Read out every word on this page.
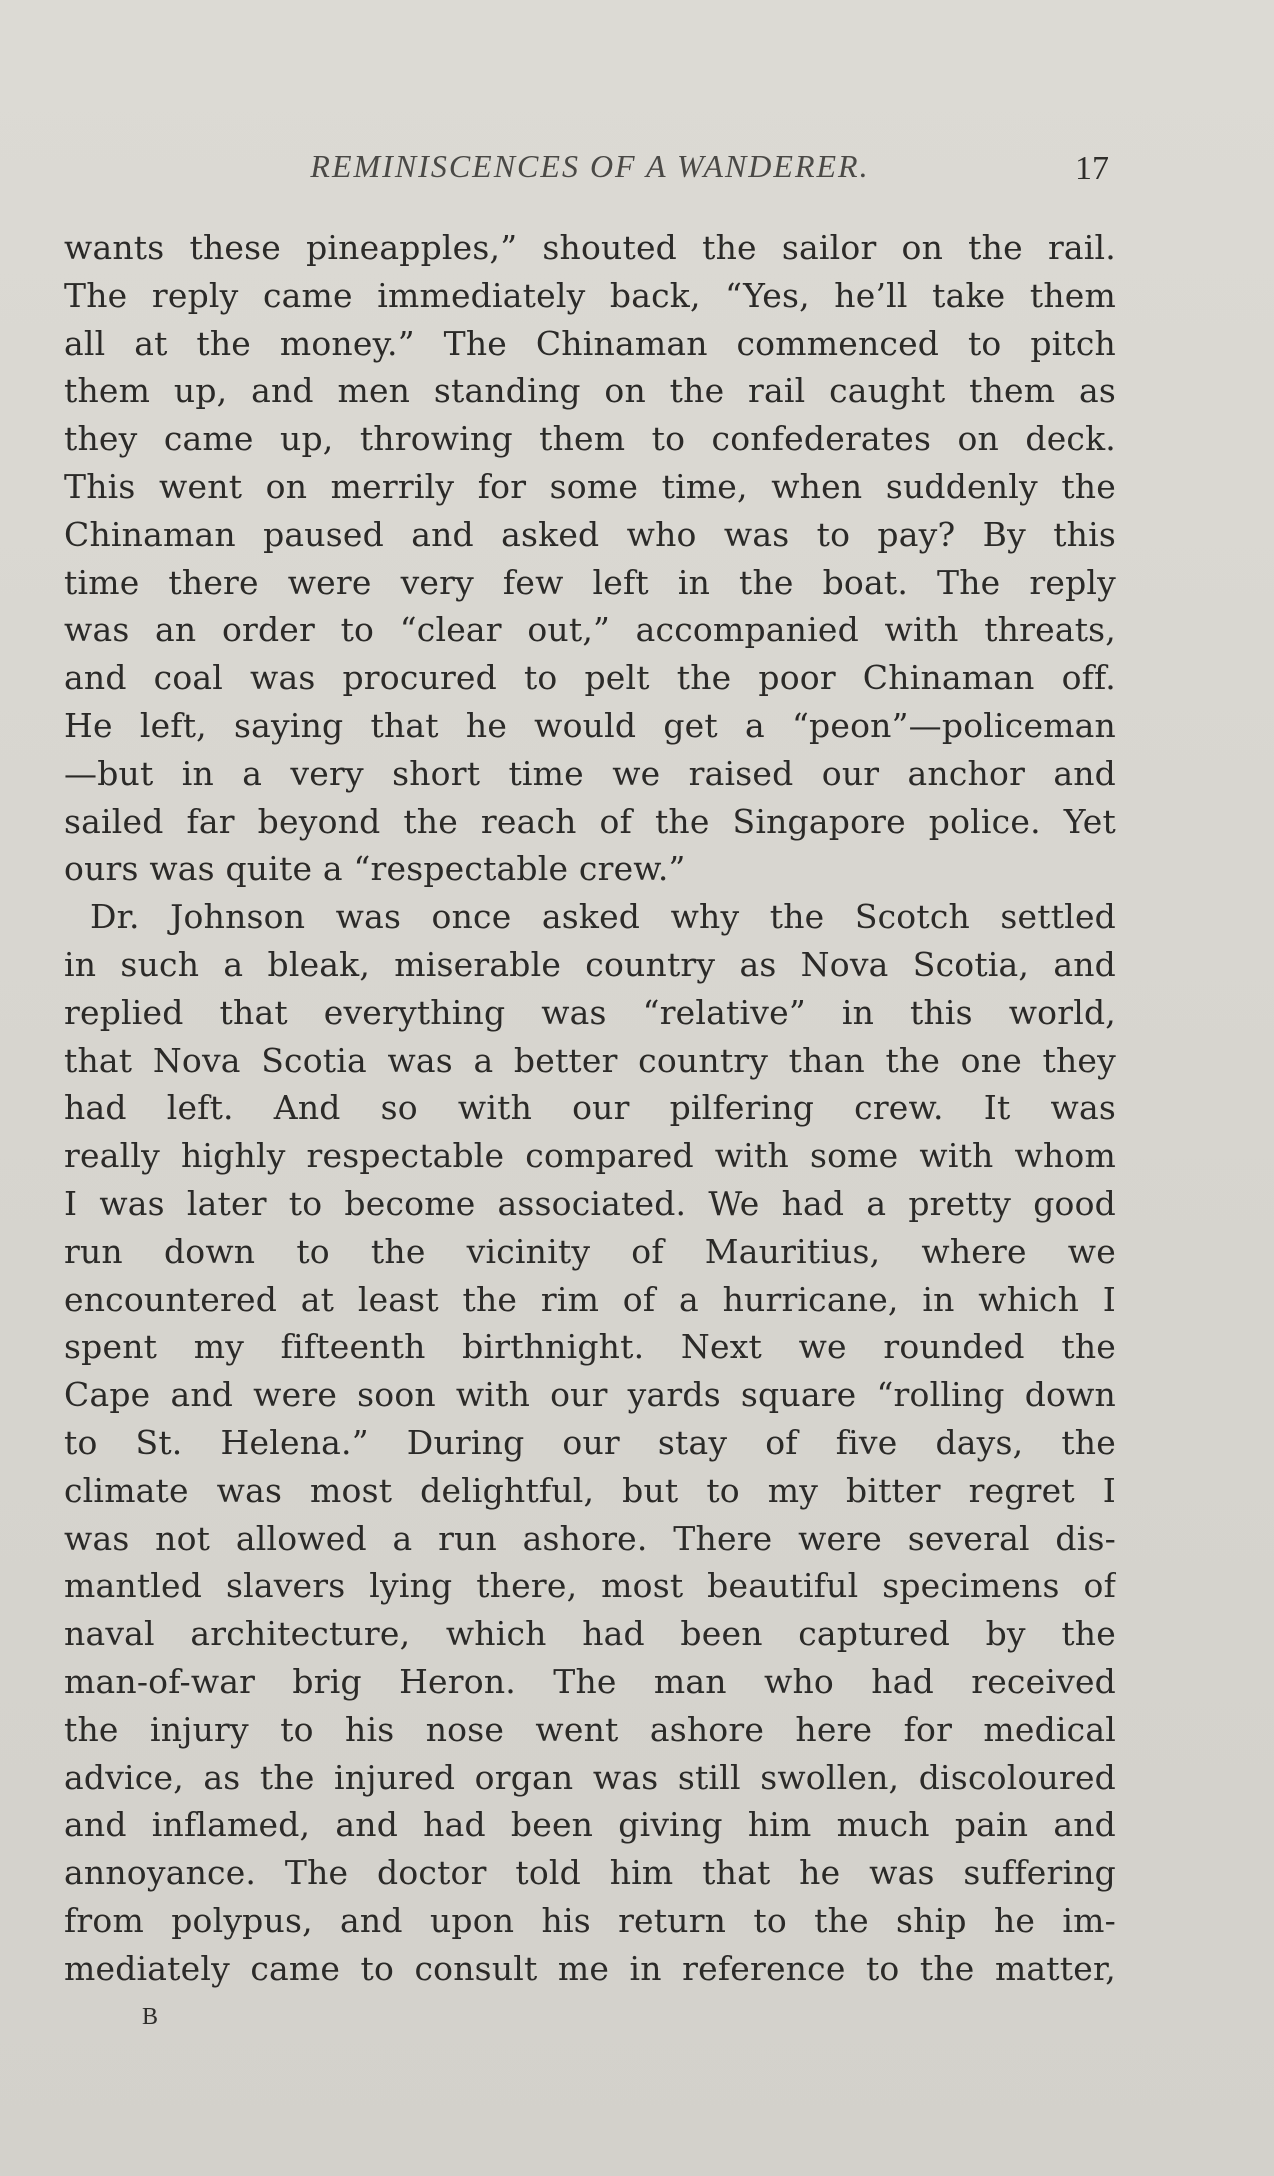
REMINISCENCES OF A WANDERER.	17
wants these pineapples,” shouted the sailor on the rail.
The reply came immediately back, “Yes, he’ll take them
all at the money.” The Chinaman commenced to pitch
them up, and men standing on the rail caught them as
they came up, throwing them to confederates on deck.
This went on merrily for some time, when suddenly the
Chinaman paused and asked who was to pay? By this
time there were very few left in the boat. The reply
was an order to “clear out,” accompanied with threats,
and coal was procured to pelt the poor Chinaman off.
He left, saying that he would get a “peon”—policeman
—but in a very short time we raised our anchor and
sailed far beyond the reach of the Singapore police. Yet
ours was quite a “respectable crew.”
Dr. Johnson was once asked why the Scotch settled
in such a bleak, miserable country as Nova Scotia, and
replied that everything was “relative” in this world,
that Nova Scotia was a better country than the one they
had left. And so with our pilfering crew. It was
really highly respectable compared with some with whom
I was later to become associated. We had a pretty good
run down to the vicinity of Mauritius, where we
encountered at least the rim of a hurricane, in which I
spent my fifteenth birthnight. Next we rounded the
Cape and were soon with our yards square “rolling down
to St. Helena.” During our stay of five days, the
climate was most delightful, but to my bitter regret I
was not allowed a run ashore. There were several dis-
mantled slavers lying there, most beautiful specimens of
naval architecture, which had been captured by the
man-of-war brig Heron. The man who had received
the injury to his nose went ashore here for medical
advice, as the injured organ was still swollen, discoloured
and inflamed, and had been giving him much pain and
annoyance. The doctor told him that he was suffering
from polypus, and upon his return to the ship he im-
mediately came to consult me in reference to the matter,
B
